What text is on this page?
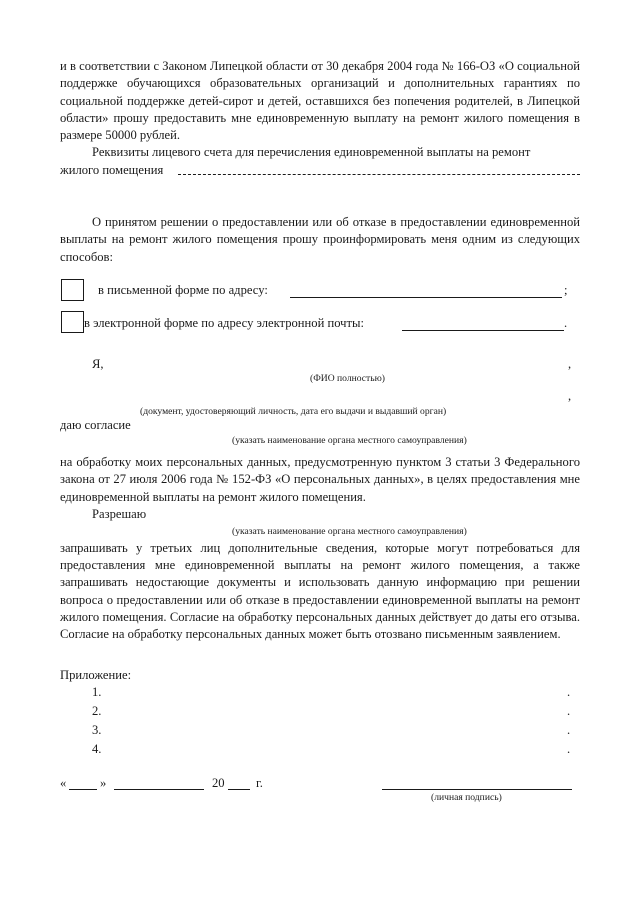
и в соответствии с Законом Липецкой области от 30 декабря 2004 года № 166-ОЗ «О социальной поддержке обучающихся образовательных организаций и дополнительных гарантиях по социальной поддержке детей-сирот и детей, оставшихся без попечения родителей, в Липецкой области» прошу предоставить мне единовременную выплату на ремонт жилого помещения в размере 50000 рублей.

Реквизиты лицевого счета для перечисления единовременной выплаты на ремонт

жилого помещения

О принятом решении о предоставлении или об отказе в предоставлении единовременной выплаты на ремонт жилого помещения прошу проинформировать меня одним из следующих способов:

в письменной форме по адресу:	;
в электронной форме по адресу электронной почты:	.
Я,	,
(ФИО полностью)
,
(документ, удостоверяющий личность, дата его выдачи и выдавший орган)
даю согласие
(указать наименование органа местного самоуправления)

на обработку моих персональных данных, предусмотренную пунктом 3 статьи 3 Федерального закона от 27 июля 2006 года № 152-ФЗ «О персональных данных», в целях предоставления мне единовременной выплаты на ремонт жилого помещения.

Разрешаю
(указать наименование органа местного самоуправления)

запрашивать у третьих лиц дополнительные сведения, которые могут потребоваться для предоставления мне единовременной выплаты на ремонт жилого помещения, а также запрашивать недостающие документы и использовать данную информацию при решении вопроса о предоставлении или об отказе в предоставлении единовременной выплаты на ремонт жилого помещения. Согласие на обработку персональных данных действует до даты его отзыва. Согласие на обработку персональных данных может быть отозвано письменным заявлением.

Приложение:
1.	.
2.	.
3.	.
4.	.
«	»	20 г.
(личная подпись)
